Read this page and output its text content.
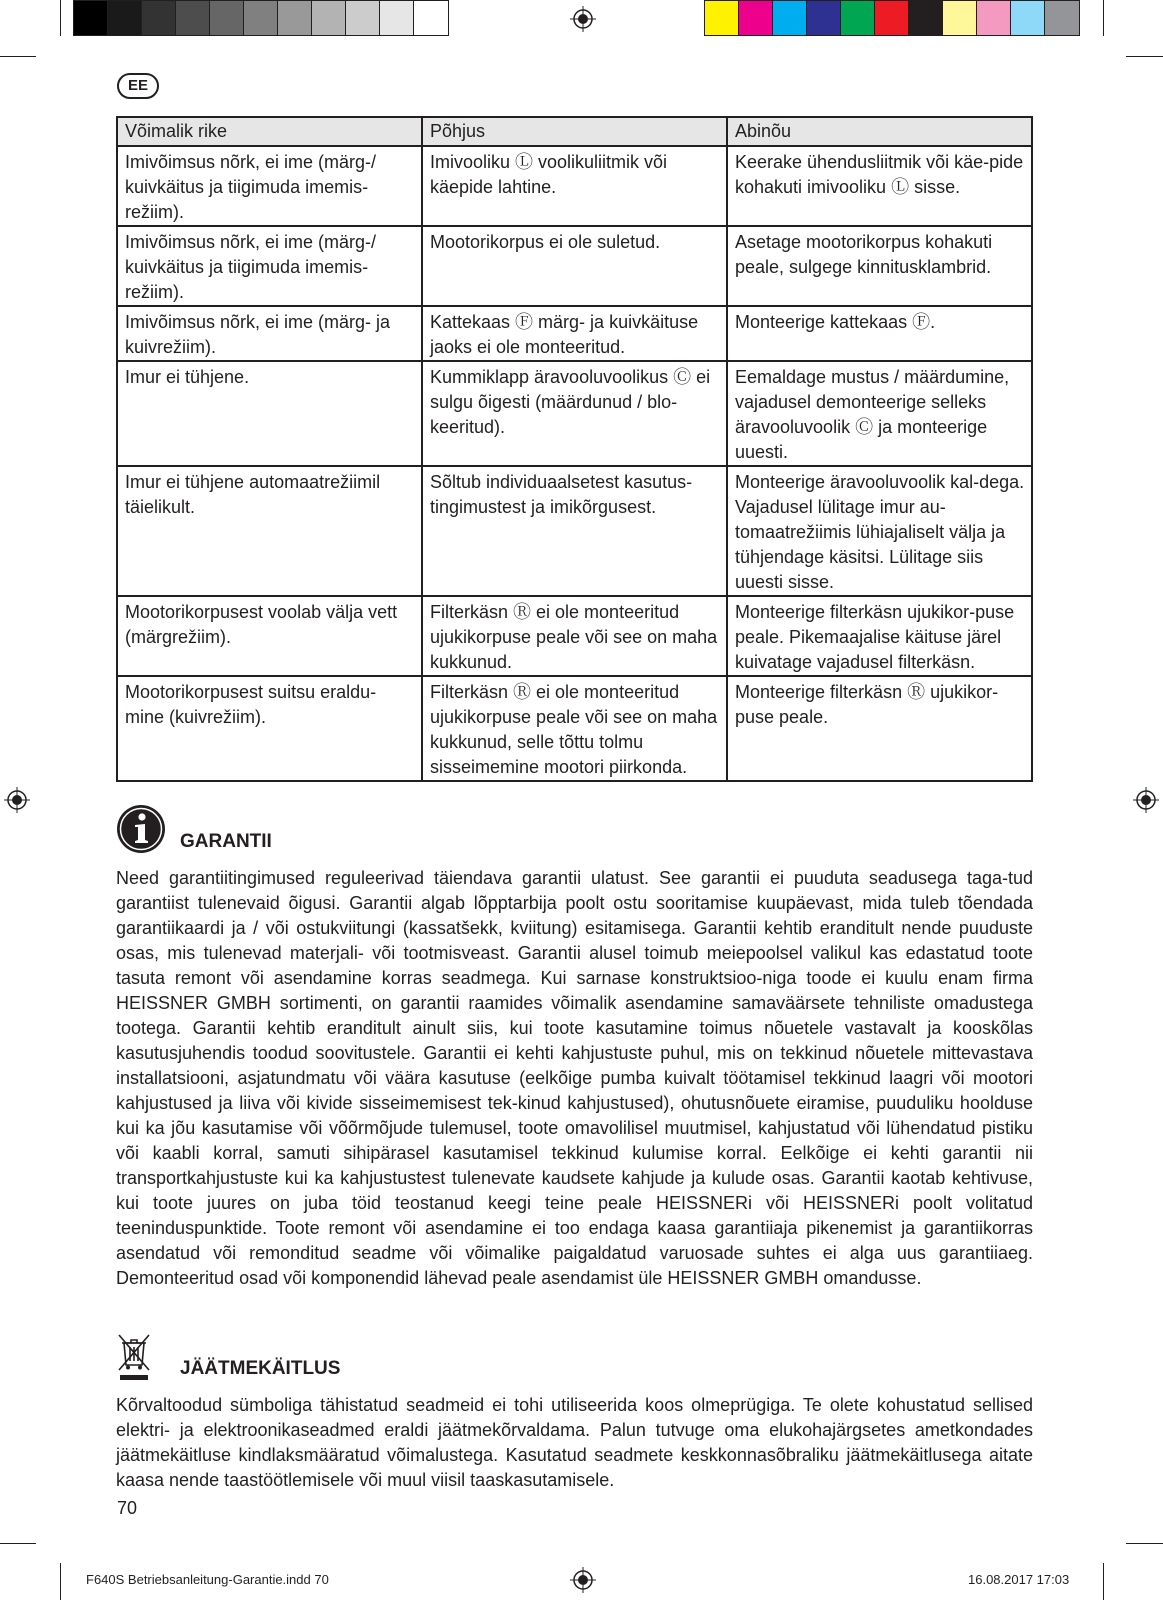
EE
Võimalik rike	Põhjus	Abinõu
Imivõimsus nõrk, ei ime (märg-/ kuivkäitus ja tiigimuda imemis-režiim).	Imivooliku Ⓛ voolikuliitmik või käepide lahtine.	Keerake ühendusliitmik või käe-pide kohakuti imivooliku Ⓛ sisse.
Imivõimsus nõrk, ei ime (märg-/ kuivkäitus ja tiigimuda imemis-režiim).	Mootorikorpus ei ole suletud.	Asetage mootorikorpus kohakuti peale, sulgege kinnitusklambrid.
Imivõimsus nõrk, ei ime (märg- ja kuivrežiim).	Kattekaas Ⓕ märg- ja kuivkäituse jaoks ei ole monteeritud.	Monteerige kattekaas Ⓕ.
Imur ei tühjene.	Kummiklapp äravooluvoolikus Ⓒ ei sulgu õigesti (määrdunud / blo-keeritud).	Eemaldage mustus / määrdumine, vajadusel demonteerige selleks äravooluvoolik Ⓒ ja monteerige uuesti.
Imur ei tühjene automaatrežiimil täielikult.	Sõltub individuaalsetest kasutus-tingimustest ja imikõrgusest.	Monteerige äravooluvoolik kal-dega. Vajadusel lülitage imur au-tomaatrežiimis lühiajaliselt välja ja tühjendage käsitsi. Lülitage siis uuesti sisse.
Mootorikorpusest voolab välja vett (märgrežiim).	Filterkäsn Ⓡ ei ole monteeritud ujukikorpuse peale või see on maha kukkunud.	Monteerige filterkäsn ujukikor-puse peale. Pikemaajalise käituse järel kuivatage vajadusel filterkäsn.
Mootorikorpusest suitsu eraldu-mine (kuivrežiim).	Filterkäsn Ⓡ ei ole monteeritud ujukikorpuse peale või see on maha kukkunud, selle tõttu tolmu sisseimemine mootori piirkonda.	Monteerige filterkäsn Ⓡ ujukikor-puse peale.
GARANTII

Need garantiitingimused reguleerivad täiendava garantii ulatust. See garantii ei puuduta seadusega taga-tud garantiist tulenevaid õigusi. Garantii algab lõpptarbija poolt ostu sooritamise kuupäevast, mida tuleb tõendada garantiikaardi ja / või ostukviitungi (kassatšekk, kviitung) esitamisega. Garantii kehtib eranditult nende puuduste osas, mis tulenevad materjali- või tootmisveast. Garantii alusel toimub meiepoolsel valikul kas edastatud toote tasuta remont või asendamine korras seadmega. Kui sarnase konstruktsioo-niga toode ei kuulu enam firma HEISSNER GMBH sortimenti, on garantii raamides võimalik asendamine samaväärsete tehniliste omadustega tootega. Garantii kehtib eranditult ainult siis, kui toote kasutamine toimus nõuetele vastavalt ja kooskõlas kasutusjuhendis toodud soovitustele. Garantii ei kehti kahjustuste puhul, mis on tekkinud nõuetele mittevastava installatsiooni, asjatundmatu või väära kasutuse (eelkõige pumba kuivalt töötamisel tekkinud laagri või mootori kahjustused ja liiva või kivide sisseimemisest tek-kinud kahjustused), ohutusnõuete eiramise, puuduliku hoolduse kui ka jõu kasutamise või võõrmõjude tulemusel, toote omavolilisel muutmisel, kahjustatud või lühendatud pistiku või kaabli korral, samuti sihipärasel kasutamisel tekkinud kulumise korral. Eelkõige ei kehti garantii nii transportkahjustuste kui ka kahjustustest tulenevate kaudsete kahjude ja kulude osas. Garantii kaotab kehtivuse, kui toote juures on juba töid teostanud keegi teine peale HEISSNERi või HEISSNERi poolt volitatud teeninduspunktide. Toote remont või asendamine ei too endaga kaasa garantiiaja pikenemist ja garantiikorras asendatud või remonditud seadme või võimalike paigaldatud varuosade suhtes ei alga uus garantiiaeg. Demonteeritud osad või komponendid lähevad peale asendamist üle HEISSNER GMBH omandusse.

JÄÄTMEKÄITLUS

Kõrvaltoodud sümboliga tähistatud seadmeid ei tohi utiliseerida koos olmeprügiga. Te olete kohustatud sellised elektri- ja elektroonikaseadmed eraldi jäätmekõrvaldama. Palun tutvuge oma elukohajärgsetes ametkondades jäätmekäitluse kindlaksmääratud võimalustega. Kasutatud seadmete keskkonnasõbraliku jäätmekäitlusega aitate kaasa nende taastöötlemisele või muul viisil taaskasutamisele.

70
F640S Betriebsanleitung-Garantie.indd 70	16.08.2017 17:03
